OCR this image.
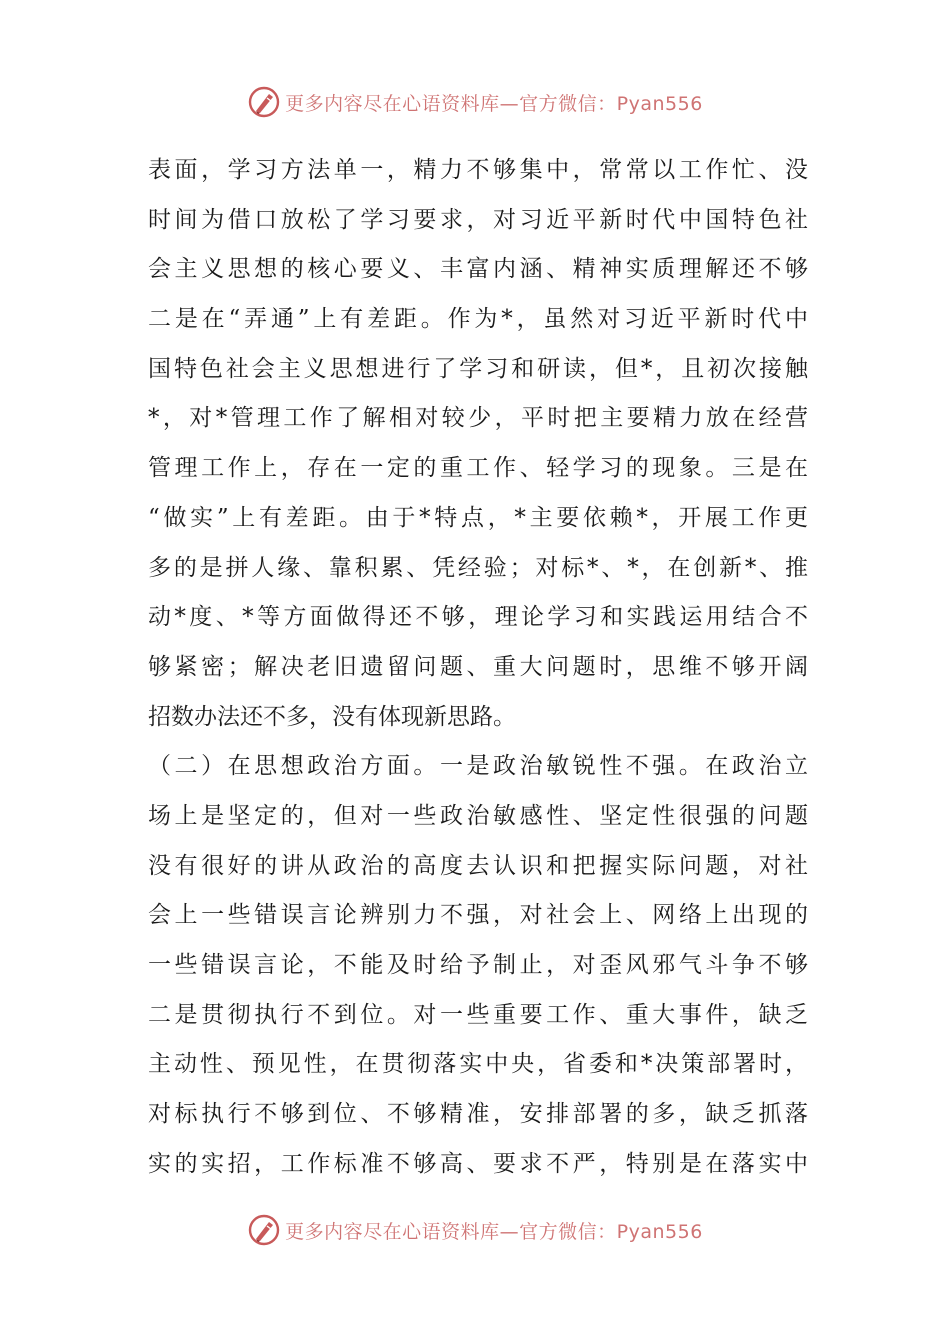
更多内容尽在心语资料库—官方微信：Pyan556
表面，学习方法单一，精力不够集中，常常以工作忙、没
时间为借口放松了学习要求，对习近平新时代中国特色社
会主义思想的核心要义、丰富内涵、精神实质理解还不够
二是在“弄通”上有差距。作为*，虽然对习近平新时代中
国特色社会主义思想进行了学习和研读，但*，且初次接触
*，对*管理工作了解相对较少，平时把主要精力放在经营
管理工作上，存在一定的重工作、轻学习的现象。三是在
“做实”上有差距。由于*特点，*主要依赖*，开展工作更
多的是拼人缘、靠积累、凭经验；对标*、*，在创新*、推
动*度、*等方面做得还不够，理论学习和实践运用结合不
够紧密；解决老旧遗留问题、重大问题时，思维不够开阔
招数办法还不多，没有体现新思路。
（二）在思想政治方面。一是政治敏锐性不强。在政治立
场上是坚定的，但对一些政治敏感性、坚定性很强的问题
没有很好的讲从政治的高度去认识和把握实际问题，对社
会上一些错误言论辨别力不强，对社会上、网络上出现的
一些错误言论，不能及时给予制止，对歪风邪气斗争不够
二是贯彻执行不到位。对一些重要工作、重大事件，缺乏
主动性、预见性，在贯彻落实中央，省委和*决策部署时，
对标执行不够到位、不够精准，安排部署的多，缺乏抓落
实的实招，工作标准不够高、要求不严，特别是在落实中
更多内容尽在心语资料库—官方微信：Pyan556
